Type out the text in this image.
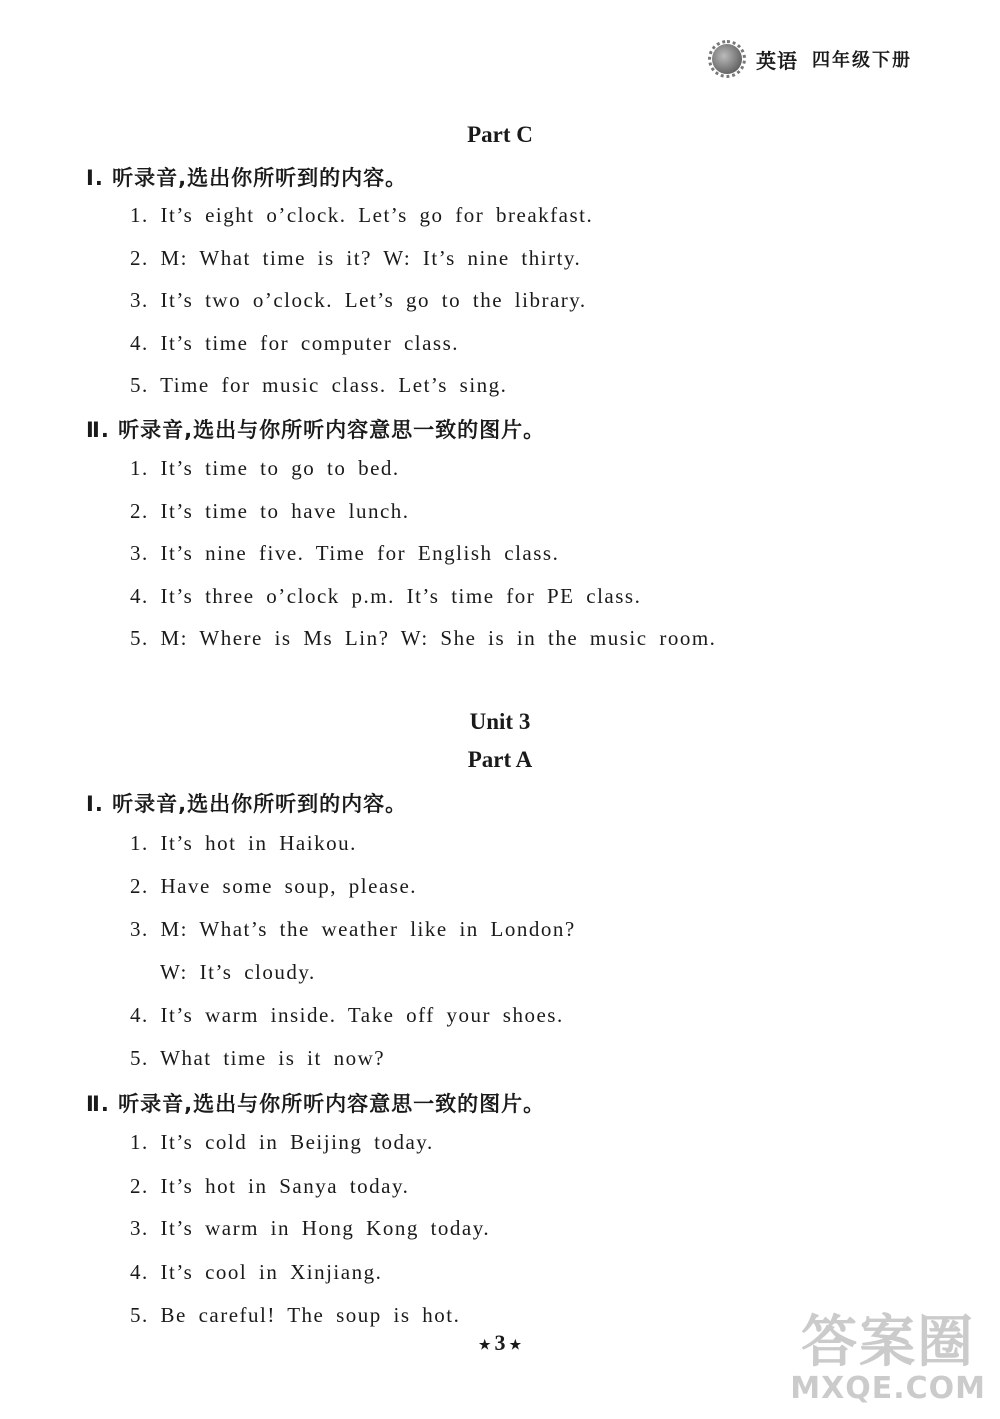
英语 四年级下册
Part C
Ⅰ. 听录音,选出你所听到的内容。
1. It’s eight o’clock. Let’s go for breakfast.
2. M: What time is it? W: It’s nine thirty.
3. It’s two o’clock. Let’s go to the library.
4. It’s time for computer class.
5. Time for music class. Let’s sing.
Ⅱ. 听录音,选出与你所听内容意思一致的图片。
1. It’s time to go to bed.
2. It’s time to have lunch.
3. It’s nine five. Time for English class.
4. It’s three o’clock p.m. It’s time for PE class.
5. M: Where is Ms Lin? W: She is in the music room.
Unit 3
Part A
Ⅰ. 听录音,选出你所听到的内容。
1. It’s hot in Haikou.
2. Have some soup, please.
3. M: What’s the weather like in London?
W: It’s cloudy.
4. It’s warm inside. Take off your shoes.
5. What time is it now?
Ⅱ. 听录音,选出与你所听内容意思一致的图片。
1. It’s cold in Beijing today.
2. It’s hot in Sanya today.
3. It’s warm in Hong Kong today.
4. It’s cool in Xinjiang.
5. Be careful! The soup is hot.
★ 3 ★	答案圈
MXQE.COM
